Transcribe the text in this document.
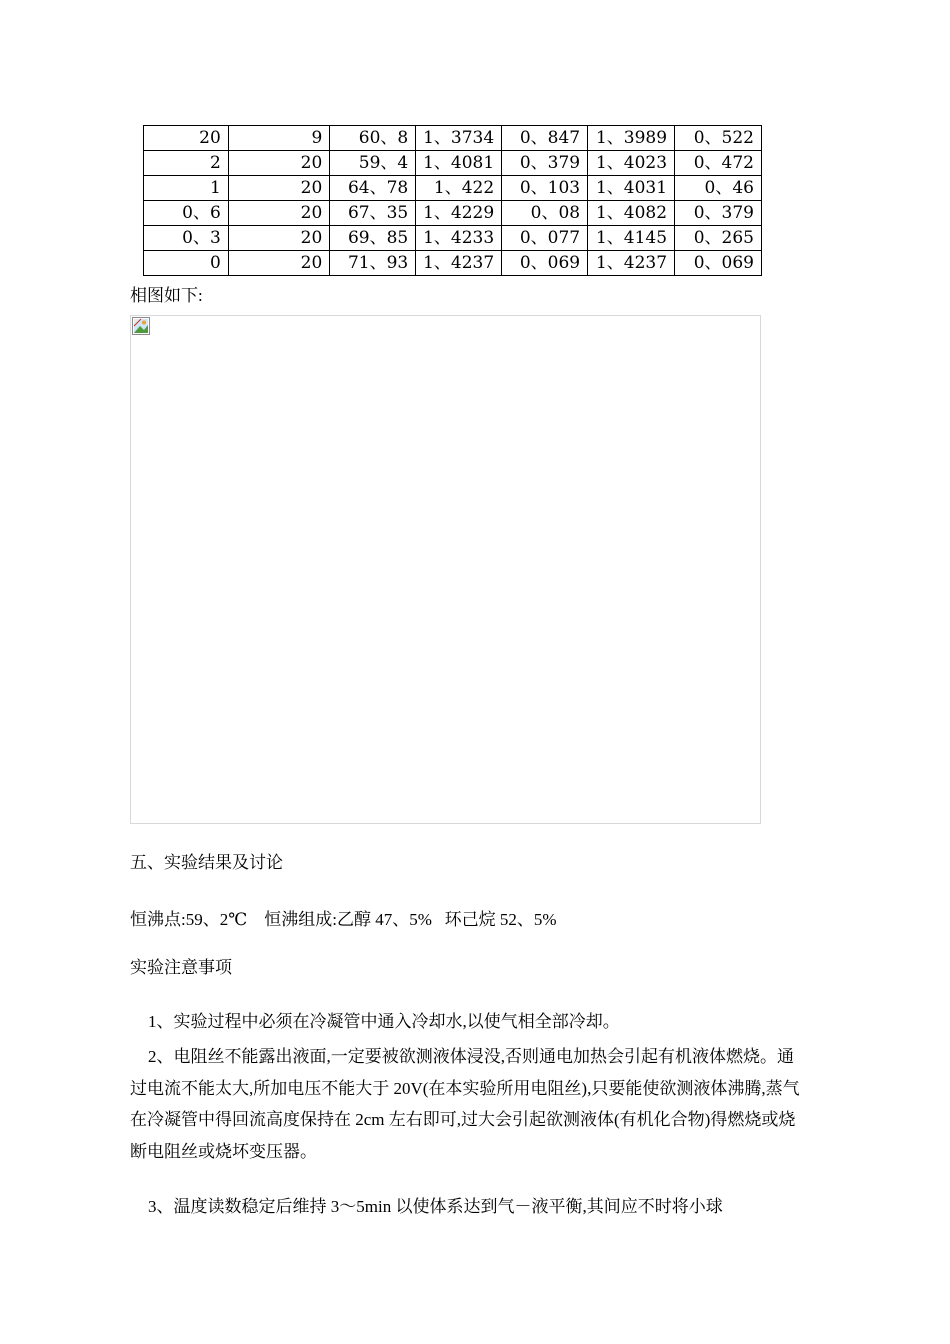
20	9	60、8	1、3734	0、847	1、3989	0、522
2	20	59、4	1、4081	0、379	1、4023	0、472
1	20	64、78	1、422	0、103	1、4031	0、46
0、6	20	67、35	1、4229	0、08	1、4082	0、379
0、3	20	69、85	1、4233	0、077	1、4145	0、265
0	20	71、93	1、4237	0、069	1、4237	0、069
相图如下:
五、实验结果及讨论
恒沸点:59、2℃    恒沸组成:乙醇 47、5%   环己烷 52、5%
实验注意事项
1、实验过程中必须在冷凝管中通入冷却水,以使气相全部冷却。
2、电阻丝不能露出液面,一定要被欲测液体浸没,否则通电加热会引起有机液体燃烧。通过电流不能太大,所加电压不能大于 20V(在本实验所用电阻丝),只要能使欲测液体沸腾,蒸气在冷凝管中得回流高度保持在 2cm 左右即可,过大会引起欲测液体(有机化合物)得燃烧或烧断电阻丝或烧坏变压器。
3、温度读数稳定后维持 3～5min 以使体系达到气－液平衡,其间应不时将小球
